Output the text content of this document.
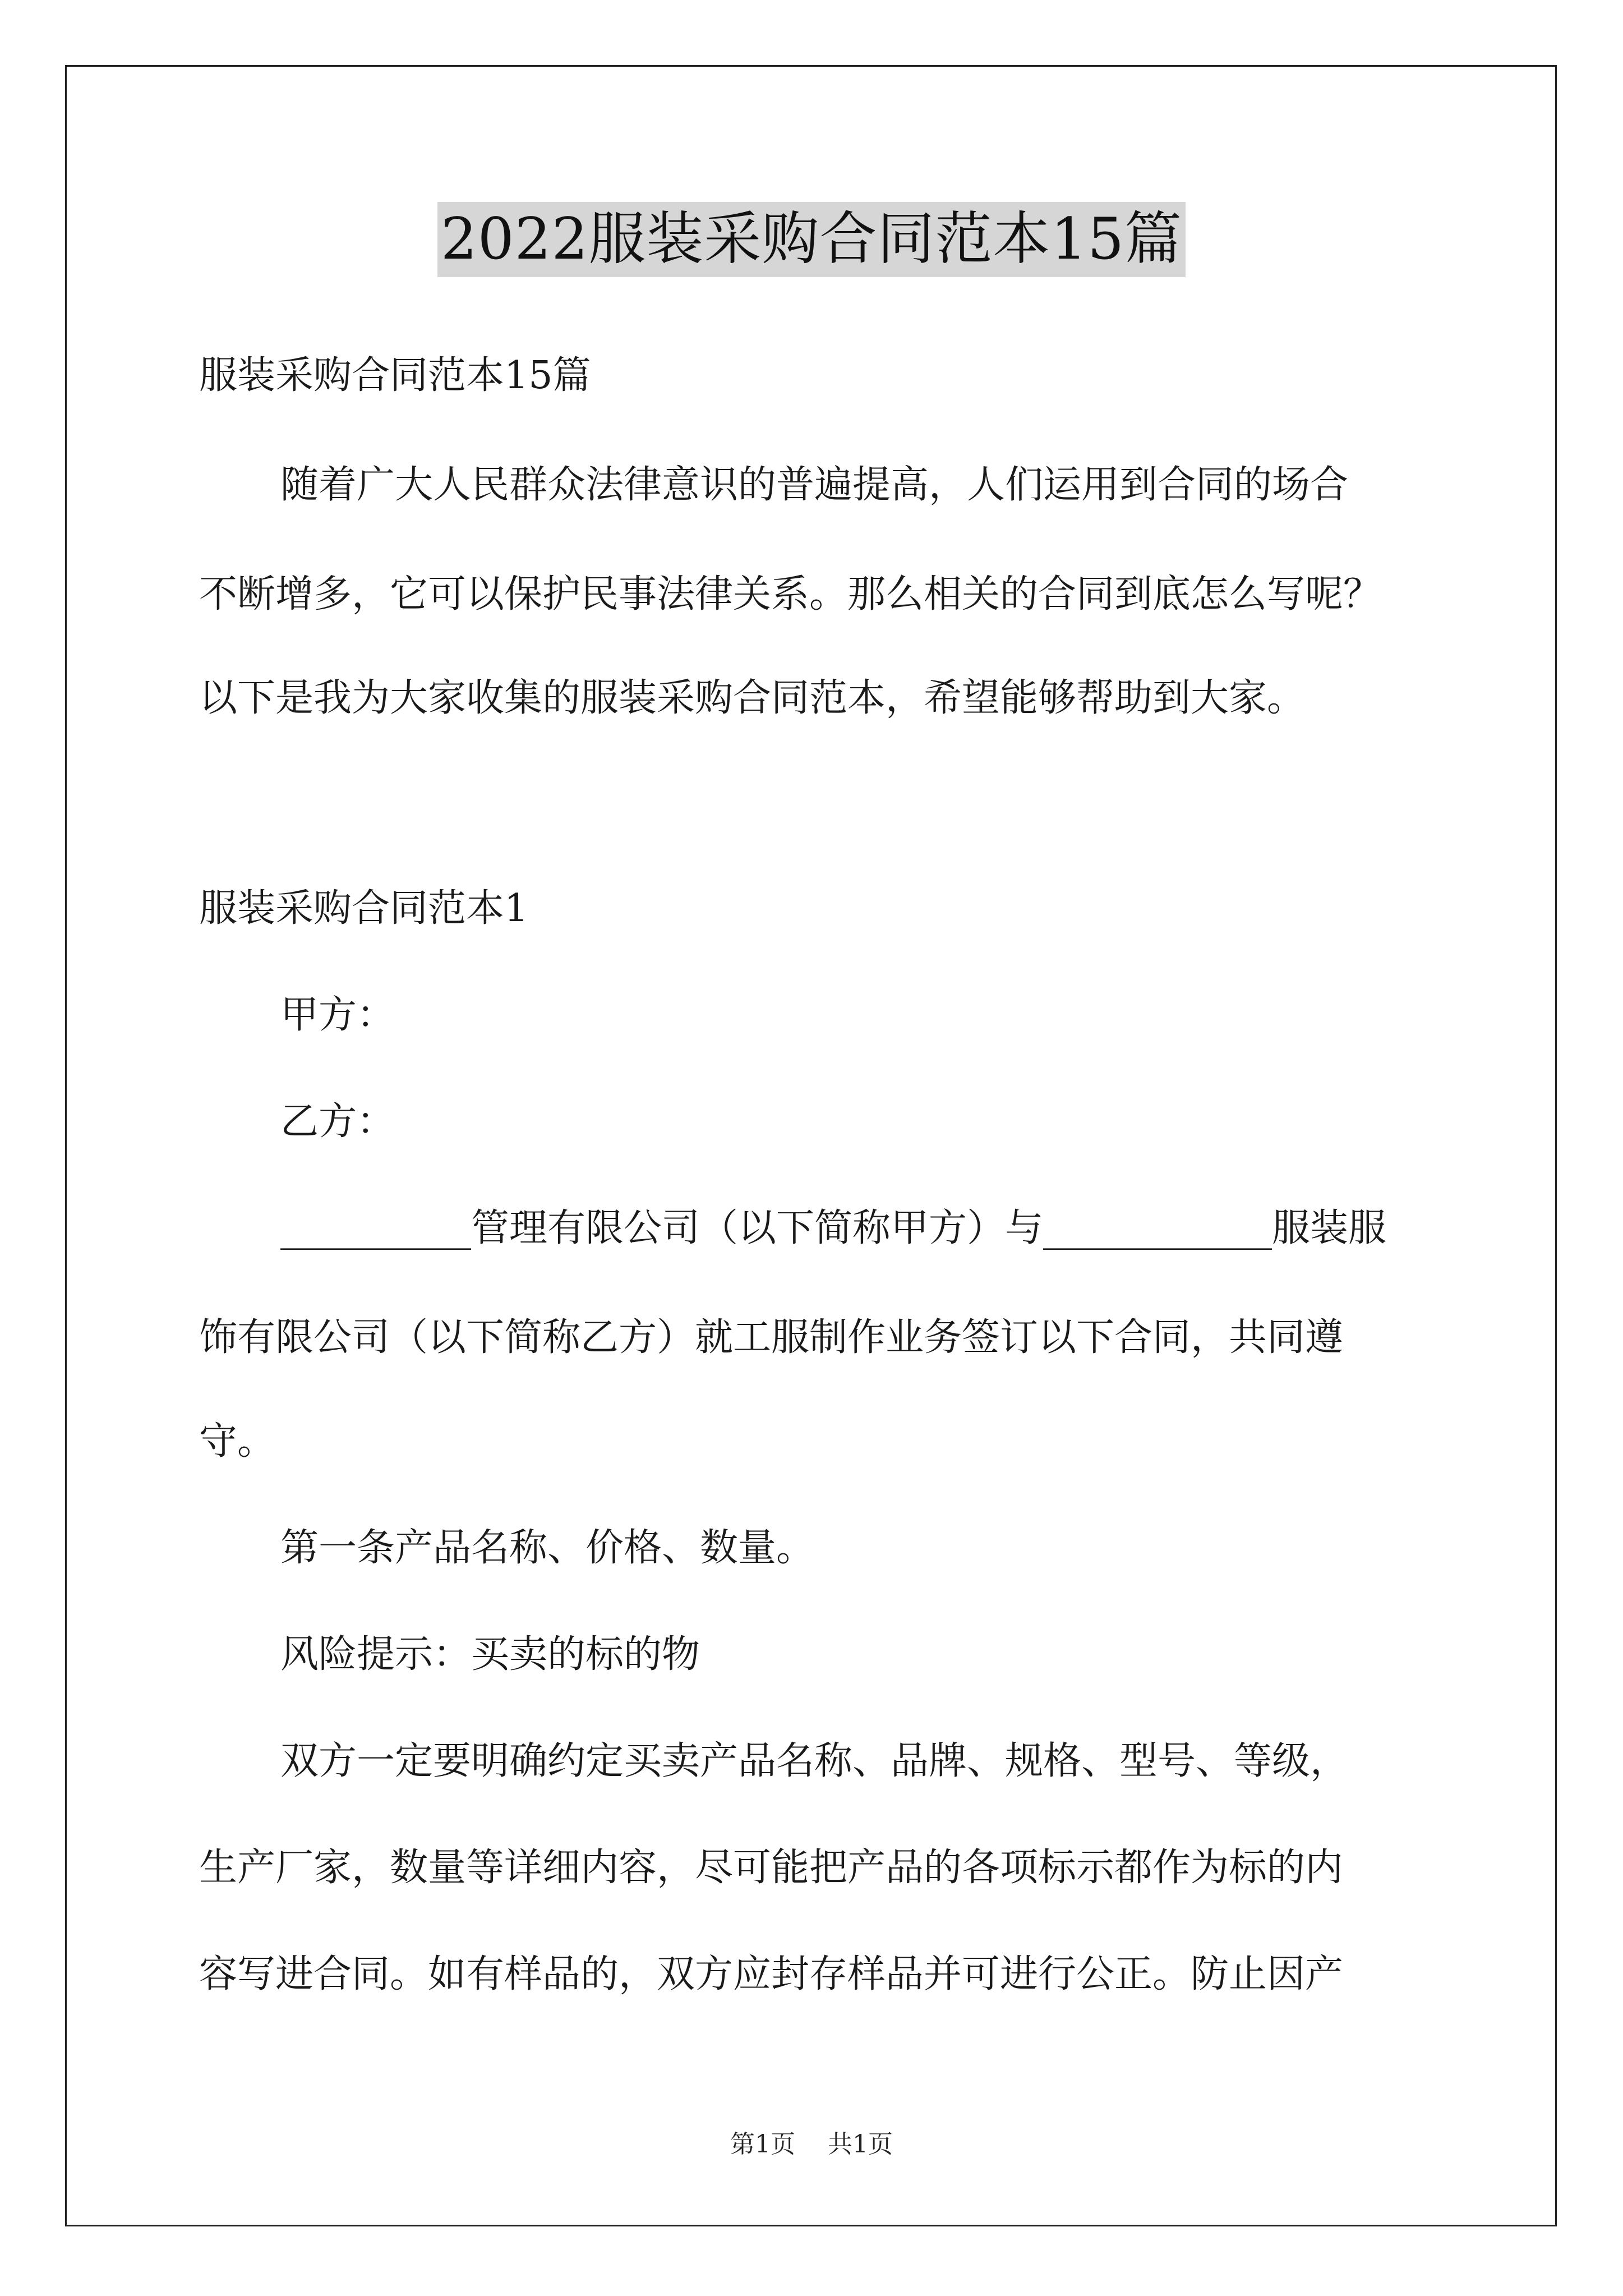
2022服装采购合同范本15篇
服装采购合同范本15篇
随着广大人民群众法律意识的普遍提高，人们运用到合同的场合
不断增多，它可以保护民事法律关系。那么相关的合同到底怎么写呢？
以下是我为大家收集的服装采购合同范本，希望能够帮助到大家。
服装采购合同范本1
甲方：
乙方：
__________管理有限公司（以下简称甲方）与____________服装服
饰有限公司（以下简称乙方）就工服制作业务签订以下合同，共同遵
守。
第一条产品名称、价格、数量。
风险提示：买卖的标的物
双方一定要明确约定买卖产品名称、品牌、规格、型号、等级，
生产厂家，数量等详细内容，尽可能把产品的各项标示都作为标的内
容写进合同。如有样品的，双方应封存样品并可进行公正。防止因产
第1页 共1页
